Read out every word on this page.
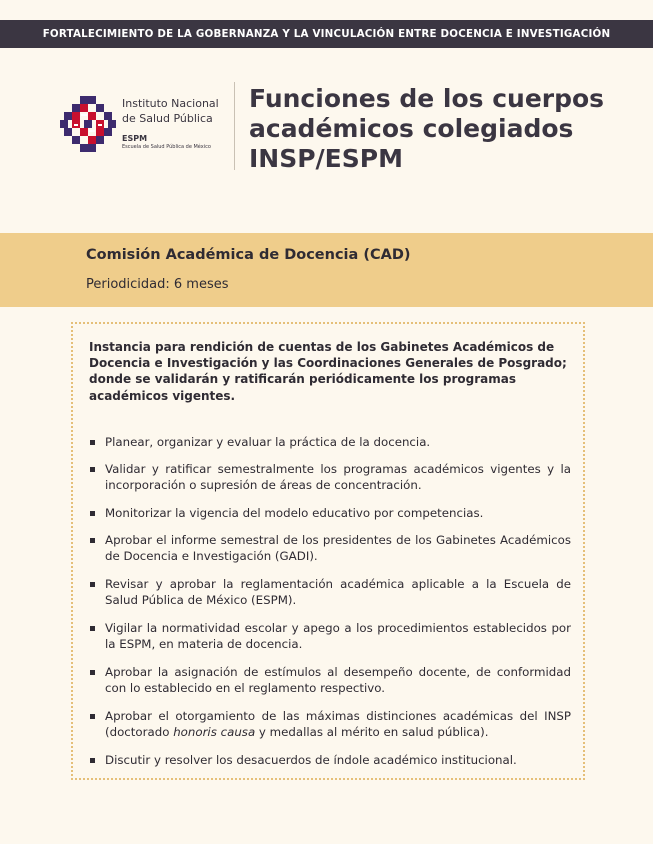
FORTALECIMIENTO DE LA GOBERNANZA Y LA VINCULACIÓN ENTRE DOCENCIA E INVESTIGACIÓN
Instituto Nacional
de Salud Pública
ESPM
Escuela de Salud Pública de México
Funciones de los cuerpos
académicos colegiados
INSP/ESPM
Comisión Académica de Docencia (CAD)
Periodicidad: 6 meses
Instancia para rendición de cuentas de los Gabinetes Académicos de Docencia e Investigación y las Coordinaciones Generales de Posgrado; donde se validarán y ratificarán periódicamente los programas académicos vigentes.
Planear, organizar y evaluar la práctica de la docencia.
Validar y ratificar semestralmente los programas académicos vigentes y la incorporación o supresión de áreas de concentración.
Monitorizar la vigencia del modelo educativo por competencias.
Aprobar el informe semestral de los presidentes de los Gabinetes Académicos de Docencia e Investigación (GADI).
Revisar y aprobar la reglamentación académica aplicable a la Escuela de Salud Pública de México (ESPM).
Vigilar la normatividad escolar y apego a los procedimientos establecidos por la ESPM, en materia de docencia.
Aprobar la asignación de estímulos al desempeño docente, de conformidad con lo establecido en el reglamento respectivo.
Aprobar el otorgamiento de las máximas distinciones académicas del INSP (doctorado honoris causa y medallas al mérito en salud pública).
Discutir y resolver los desacuerdos de índole académico institucional.
